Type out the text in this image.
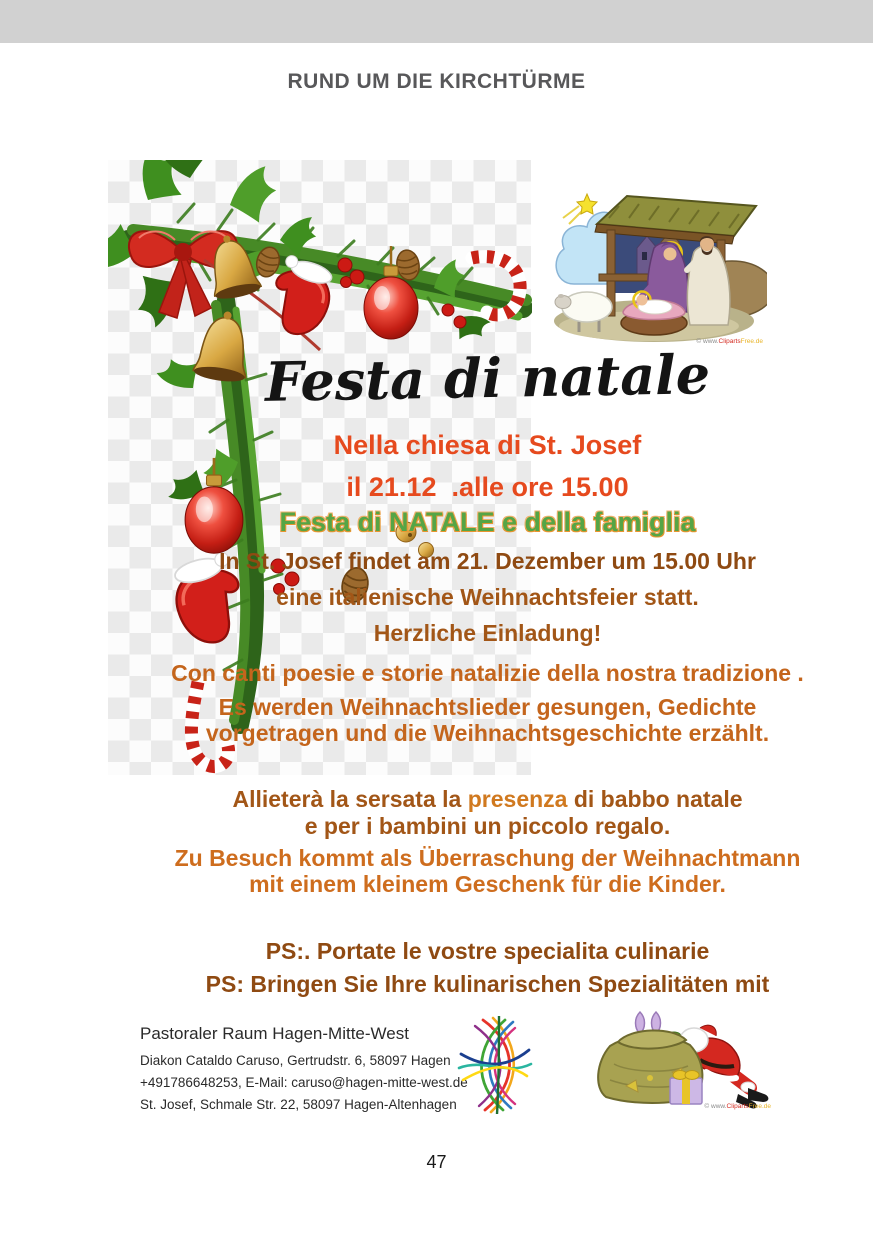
RUND UM DIE KIRCHTÜRME
© www.ClipartsFree.de
Festa di natale
Nella chiesa di St. Josef
il 21.12  .alle ore 15.00
Festa di NATALE e della famiglia
In St. Josef findet am 21. Dezember um 15.00 Uhr
eine italienische Weihnachtsfeier statt.
Herzliche Einladung!
Con canti poesie e storie natalizie della nostra tradizione .
Es werden Weihnachtslieder gesungen, Gedichte
vorgetragen und die Weihnachtsgeschichte erzählt.
Allieterà la sersata la presenza di babbo natale
e per i bambini un piccolo regalo.
Zu Besuch kommt als Überraschung der Weihnachtmann
mit einem kleinem Geschenk für die Kinder.
PS:. Portate le vostre specialita culinarie
PS: Bringen Sie Ihre kulinarischen Spezialitäten mit
Pastoraler Raum Hagen-Mitte-West
Diakon Cataldo Caruso, Gertrudstr. 6, 58097 Hagen
+491786648253, E-Mail: caruso@hagen-mitte-west.de
St. Josef, Schmale Str. 22, 58097 Hagen-Altenhagen	© www.ClipartsFree.de
47
